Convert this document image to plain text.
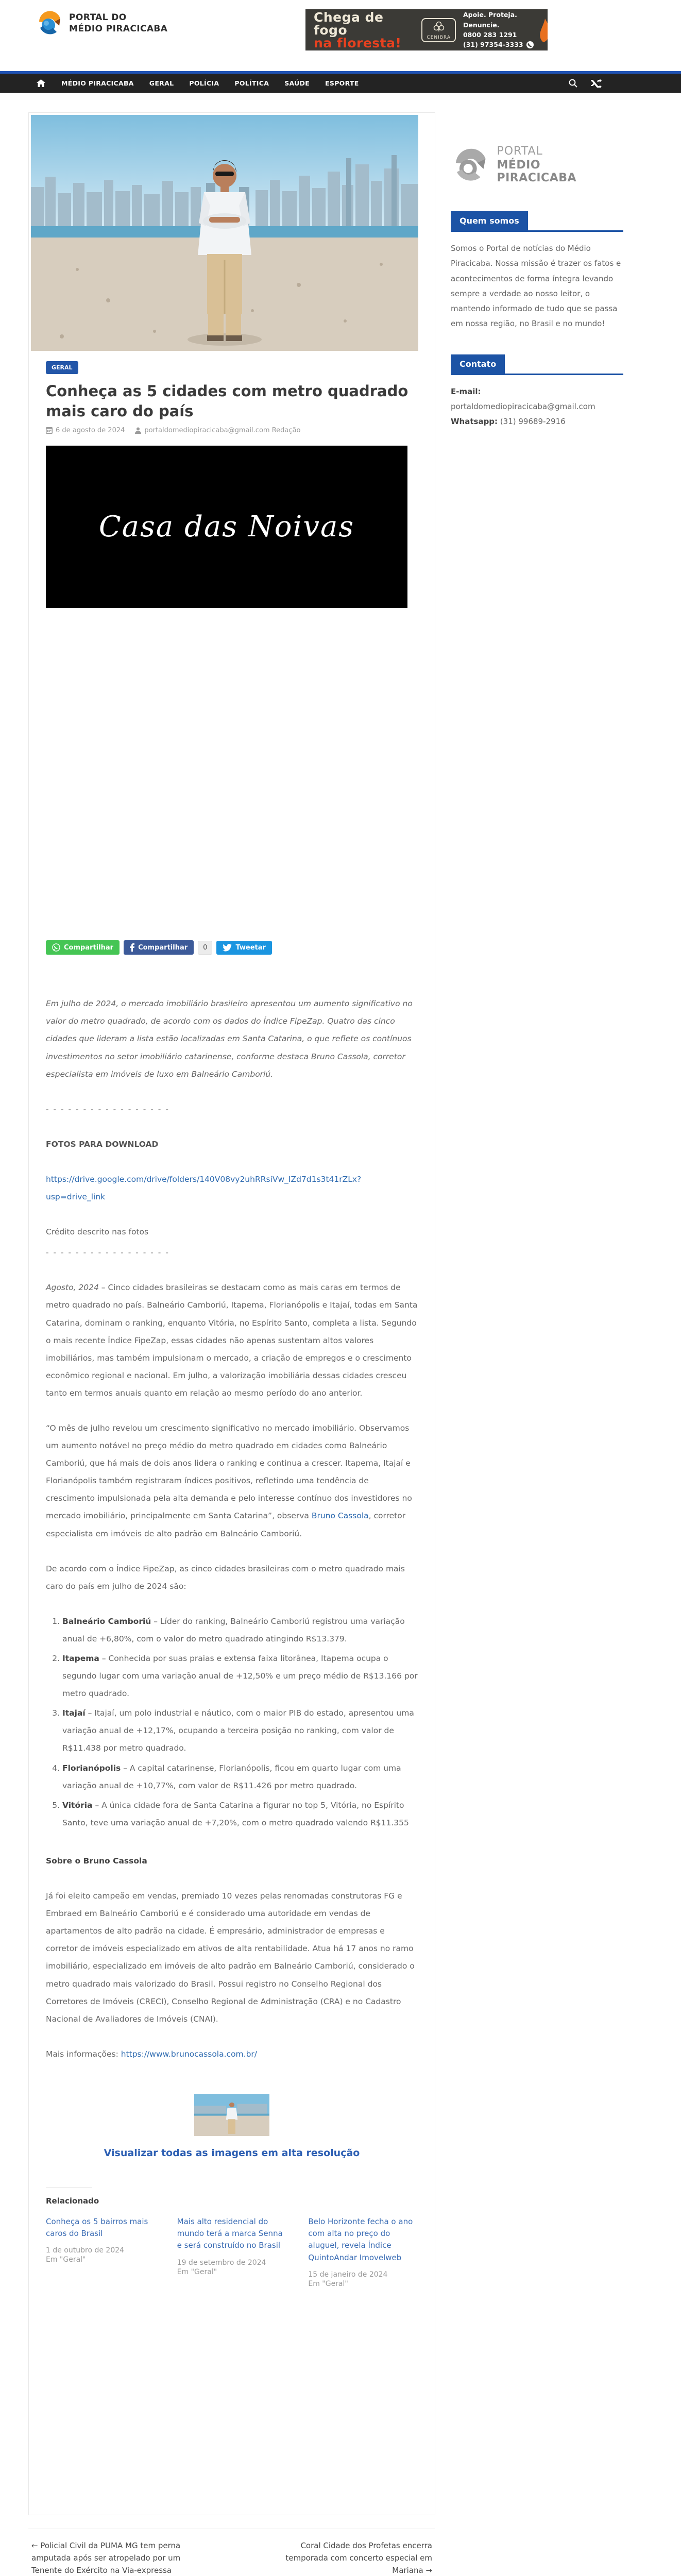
PORTAL DO
MÉDIO PIRACICABA
Chega de fogo
na floresta!	CENIBRA
Apoie. Proteja. Denuncie.
0800 283 1291
(31) 97354-3333
MÉDIO PIRACICABA	GERAL	POLÍCIA	POLÍTICA	SAÚDE	ESPORTE
GERAL
Conheça as 5 cidades com metro quadrado mais caro do país
6 de agosto de 2024	portaldomediopiracicaba@gmail.com Redação
Casa das Noivas
Compartilhar	Compartilhar	0	Tweetar

Em julho de 2024, o mercado imobiliário brasileiro apresentou um aumento significativo no valor do metro quadrado, de acordo com os dados do Índice FipeZap. Quatro das cinco cidades que lideram a lista estão localizadas em Santa Catarina, o que reflete os contínuos investimentos no setor imobiliário catarinense, conforme destaca Bruno Cassola, corretor especialista em imóveis de luxo em Balneário Camboriú.

- - - - - - - - - - - - - - - - -

FOTOS PARA DOWNLOAD

https://drive.google.com/drive/folders/140V08vy2uhRRsiVw_IZd7d1s3t41rZLx?usp=drive_link

Crédito descrito nas fotos

- - - - - - - - - - - - - - - - -

Agosto, 2024 – Cinco cidades brasileiras se destacam como as mais caras em termos de metro quadrado no país. Balneário Camboriú, Itapema, Florianópolis e Itajaí, todas em Santa Catarina, dominam o ranking, enquanto Vitória, no Espírito Santo, completa a lista. Segundo o mais recente Índice FipeZap, essas cidades não apenas sustentam altos valores imobiliários, mas também impulsionam o mercado, a criação de empregos e o crescimento econômico regional e nacional. Em julho, a valorização imobiliária dessas cidades cresceu tanto em termos anuais quanto em relação ao mesmo período do ano anterior.

“O mês de julho revelou um crescimento significativo no mercado imobiliário. Observamos um aumento notável no preço médio do metro quadrado em cidades como Balneário Camboriú, que há mais de dois anos lidera o ranking e continua a crescer. Itapema, Itajaí e Florianópolis também registraram índices positivos, refletindo uma tendência de crescimento impulsionada pela alta demanda e pelo interesse contínuo dos investidores no mercado imobiliário, principalmente em Santa Catarina”, observa Bruno Cassola, corretor especialista em imóveis de alto padrão em Balneário Camboriú.

De acordo com o Índice FipeZap, as cinco cidades brasileiras com o metro quadrado mais caro do país em julho de 2024 são:

1. Balneário Camboriú – Líder do ranking, Balneário Camboriú registrou uma variação anual de +6,80%, com o valor do metro quadrado atingindo R$13.379.
2. Itapema – Conhecida por suas praias e extensa faixa litorânea, Itapema ocupa o segundo lugar com uma variação anual de +12,50% e um preço médio de R$13.166 por metro quadrado.
3. Itajaí – Itajaí, um polo industrial e náutico, com o maior PIB do estado, apresentou uma variação anual de +12,17%, ocupando a terceira posição no ranking, com valor de R$11.438 por metro quadrado.
4. Florianópolis – A capital catarinense, Florianópolis, ficou em quarto lugar com uma variação anual de +10,77%, com valor de R$11.426 por metro quadrado.
5. Vitória – A única cidade fora de Santa Catarina a figurar no top 5, Vitória, no Espírito Santo, teve uma variação anual de +7,20%, com o metro quadrado valendo R$11.355

Sobre o Bruno Cassola

Já foi eleito campeão em vendas, premiado 10 vezes pelas renomadas construtoras FG e Embraed em Balneário Camboriú e é considerado uma autoridade em vendas de apartamentos de alto padrão na cidade. É empresário, administrador de empresas e corretor de imóveis especializado em ativos de alta rentabilidade. Atua há 17 anos no ramo imobiliário, especializado em imóveis de alto padrão em Balneário Camboriú, considerado o metro quadrado mais valorizado do Brasil. Possui registro no Conselho Regional dos Corretores de Imóveis (CRECI), Conselho Regional de Administração (CRA) e no Cadastro Nacional de Avaliadores de Imóveis (CNAI).

Mais informações: https://www.brunocassola.com.br/

Visualizar todas as imagens em alta resolução
Relacionado
Conheça os 5 bairros mais caros do Brasil
1 de outubro de 2024
Em "Geral"
Mais alto residencial do mundo terá a marca Senna e será construído no Brasil
19 de setembro de 2024
Em "Geral"
Belo Horizonte fecha o ano com alta no preço do aluguel, revela Índice QuintoAndar Imovelweb
15 de janeiro de 2024
Em "Geral"
PORTAL
MÉDIO PIRACICABA
Quem somos
Somos o Portal de notícias do Médio Piracicaba. Nossa missão é trazer os fatos e acontecimentos de forma íntegra levando sempre a verdade ao nosso leitor, o mantendo informado de tudo que se passa em nossa região, no Brasil e no mundo!
Contato
E-mail: portaldomediopiracicaba@gmail.com
Whatsapp: (31) 99689-2916
← Policial Civil da PUMA MG tem perna amputada após ser atropelado por um Tenente do Exército na Via-expressa
Coral Cidade dos Profetas encerra temporada com concerto especial em Mariana →
